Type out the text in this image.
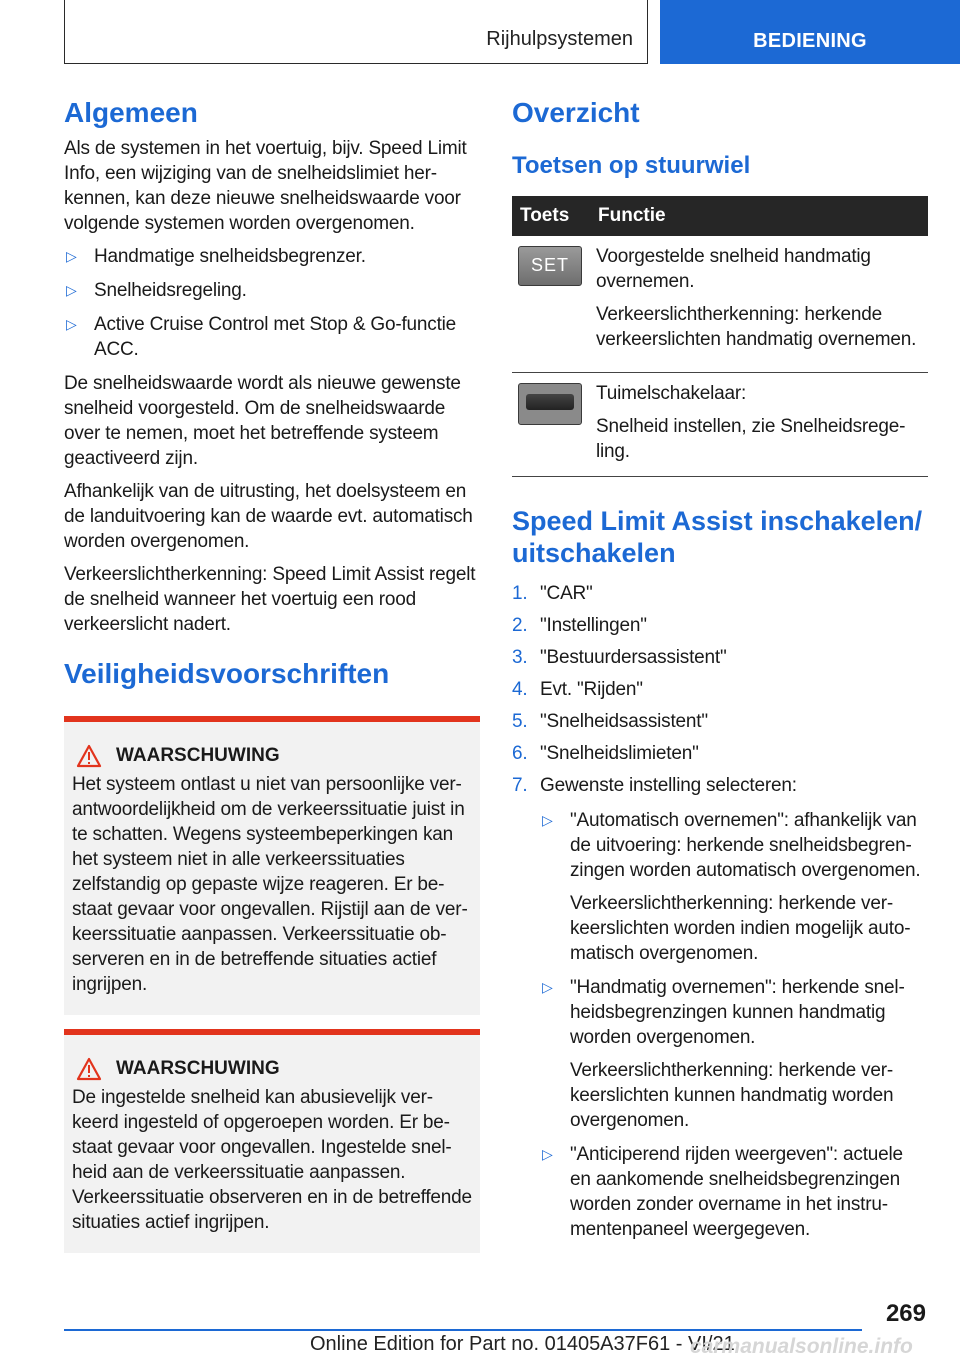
Rijhulpsystemen	BEDIENING
Algemeen

Als de systemen in het voertuig, bijv. Speed Limit Info, een wijziging van de snelheidslimiet herkennen, kan deze nieuwe snelheidswaarde voor volgende systemen worden overgenomen.

▷ Handmatige snelheidsbegrenzer.
▷ Snelheidsregeling.
▷ Active Cruise Control met Stop & Go-functie ACC.

De snelheidswaarde wordt als nieuwe gewenste snelheid voorgesteld. Om de snelheidswaarde over te nemen, moet het betreffende systeem geactiveerd zijn.

Afhankelijk van de uitrusting, het doelsysteem en de landuitvoering kan de waarde evt. automatisch worden overgenomen.

Verkeerslichtherkenning: Speed Limit Assist regelt de snelheid wanneer het voertuig een rood verkeerslicht nadert.

Veiligheidsvoorschriften
WAARSCHUWING

Het systeem ontlast u niet van persoonlijke verantwoordelijkheid om de verkeerssituatie juist in te schatten. Wegens systeembeperkingen kan het systeem niet in alle verkeerssituaties zelfstandig op gepaste wijze reageren. Er bestaat gevaar voor ongevallen. Rijstijl aan de verkeerssituatie aanpassen. Verkeerssituatie observeren en in de betreffende situaties actief ingrijpen.

WAARSCHUWING

De ingestelde snelheid kan abusievelijk verkeerd ingesteld of opgeroepen worden. Er bestaat gevaar voor ongevallen. Ingestelde snelheid aan de verkeerssituatie aanpassen. Verkeerssituatie observeren en in de betreffende situaties actief ingrijpen.

Overzicht
Toetsen op stuurwiel
Toets	Functie

SET	Voorgestelde snelheid handmatig overnemen.

Verkeerslichtherkenning: herkende verkeerslichten handmatig overnemen.

	Tuimelschakelaar:

Snelheid instellen, zie Snelheidsregeling.

Speed Limit Assist inschakelen/ uitschakelen
1. "CAR"
2. "Instellingen"
3. "Bestuurdersassistent"
4. Evt. "Rijden"
5. "Snelheidsassistent"
6. "Snelheidslimieten"
7. Gewenste instelling selecteren:
▷ "Automatisch overnemen": afhankelijk van de uitvoering: herkende snelheidsbegrenzingen worden automatisch overgenomen.

Verkeerslichtherkenning: herkende verkeerslichten worden indien mogelijk automatisch overgenomen.

▷ "Handmatig overnemen": herkende snelheidsbegrenzingen kunnen handmatig worden overgenomen.

Verkeerslichtherkenning: herkende verkeerslichten kunnen handmatig worden overgenomen.

▷ "Anticiperend rijden weergeven": actuele en aankomende snelheidsbegrenzingen worden zonder overname in het instrumentenpaneel weergegeven.
269
Online Edition for Part no. 01405A37F61 - VI/21
carmanualsonline.info
